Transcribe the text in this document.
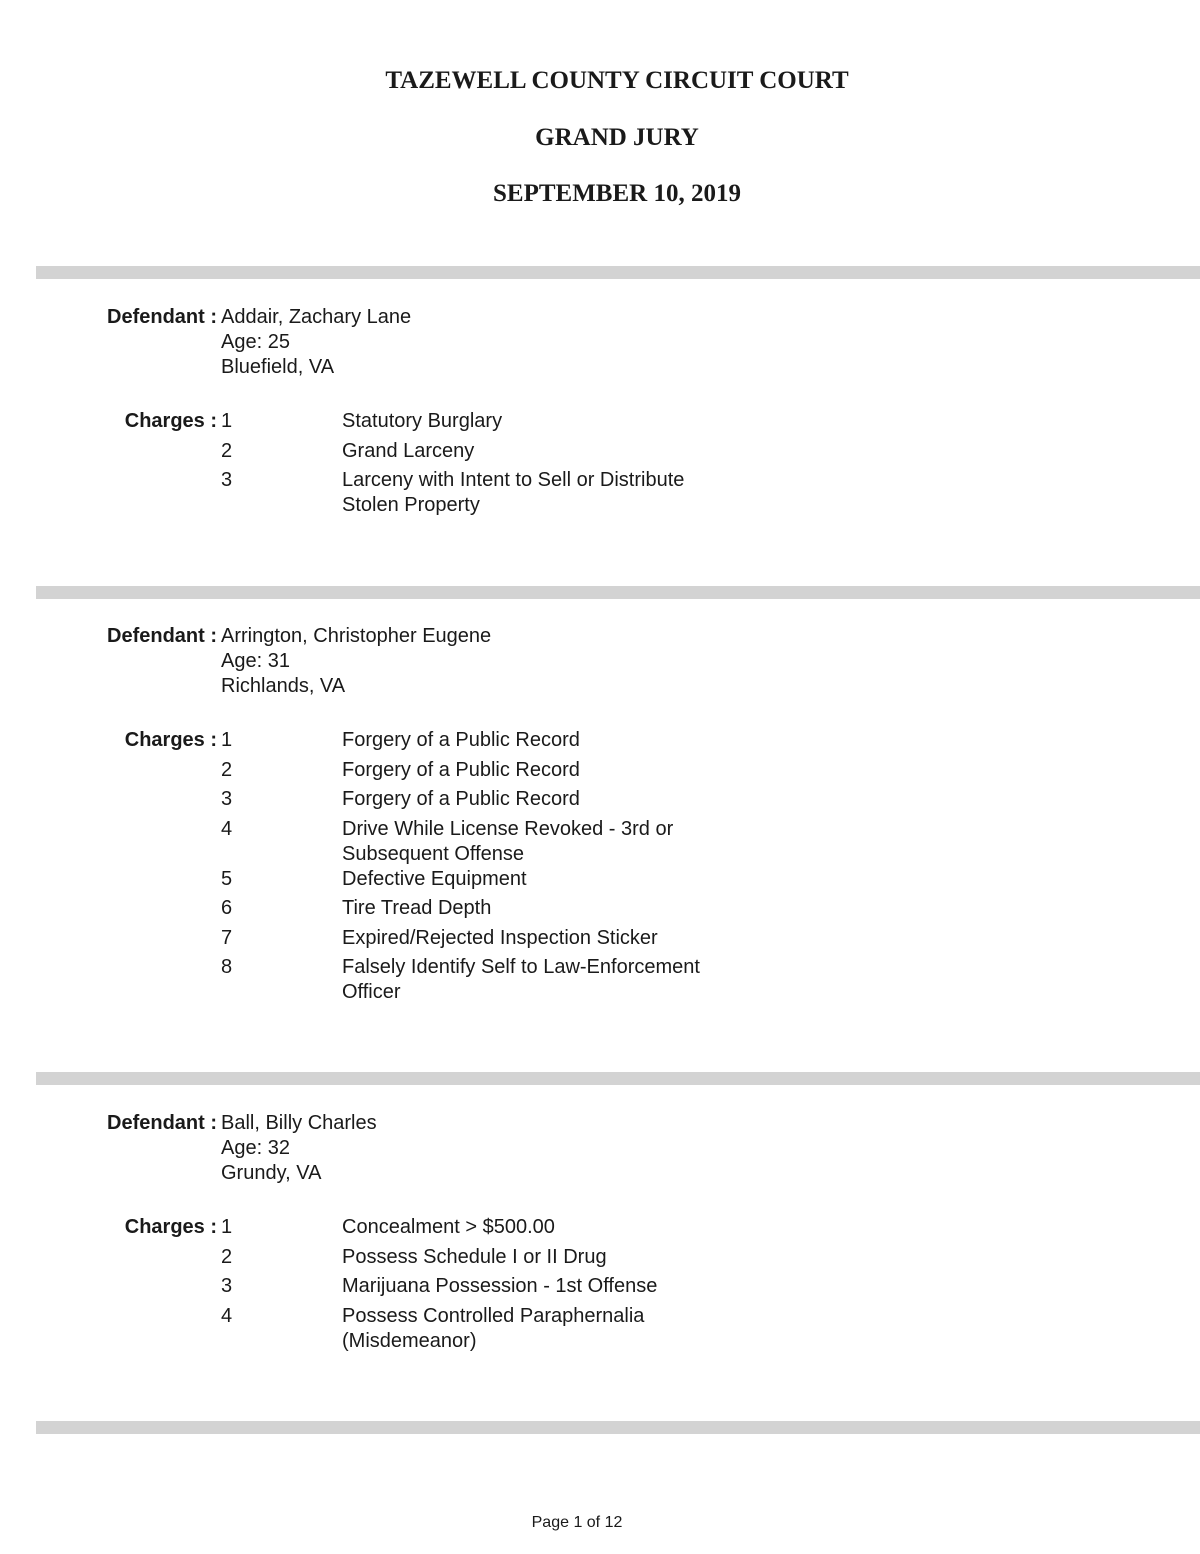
TAZEWELL COUNTY CIRCUIT COURT
GRAND JURY
SEPTEMBER 10, 2019
Defendant : Addair, Zachary Lane
Age: 25
Bluefield, VA
Charges : 1	Statutory Burglary
2	Grand Larceny
3	Larceny with Intent to Sell or Distribute Stolen Property
Defendant : Arrington, Christopher Eugene
Age: 31
Richlands, VA
Charges : 1	Forgery of a Public Record
2	Forgery of a Public Record
3	Forgery of a Public Record
4	Drive While License Revoked - 3rd or Subsequent Offense
5	Defective Equipment
6	Tire Tread Depth
7	Expired/Rejected Inspection Sticker
8	Falsely Identify Self to Law-Enforcement Officer
Defendant : Ball, Billy Charles
Age: 32
Grundy, VA
Charges : 1	Concealment > $500.00
2	Possess Schedule I or II Drug
3	Marijuana Possession - 1st Offense
4	Possess Controlled Paraphernalia (Misdemeanor)
Page 1 of 12
